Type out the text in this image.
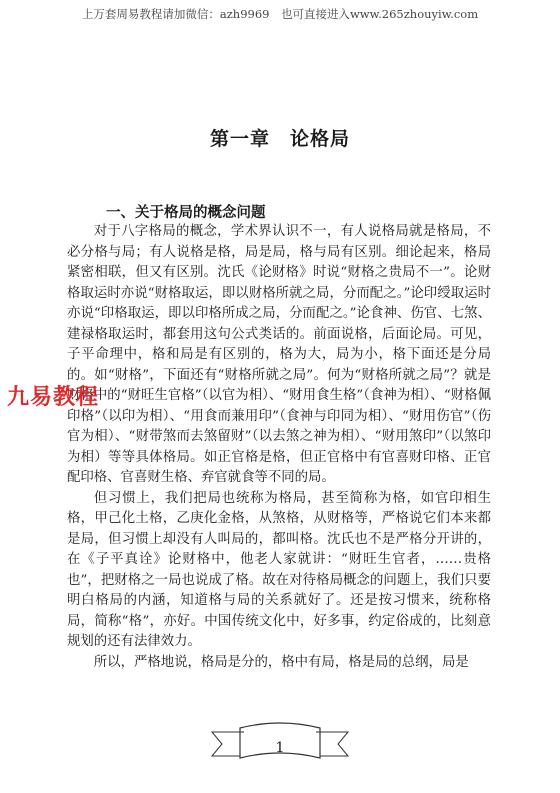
上万套周易教程请加微信：azh9969　也可直接进入www.265zhouyiw.com
第一章　论格局
一、关于格局的概念问题

对于八字格局的概念，学术界认识不一，有人说格局就是格局，不必分格与局；有人说格是格，局是局，格与局有区别。细论起来，格局紧密相联，但又有区别。沈氏《论财格》时说“财格之贵局不一”。论财格取运时亦说“财格取运，即以财格所就之局，分而配之。”论印绶取运时亦说“印格取运，即以印格所成之局，分而配之。”论食神、伤官、七煞、建禄格取运时，都套用这句公式类话的。前面说格，后面论局。可见，子平命理中，格和局是有区别的，格为大，局为小，格下面还是分局的。如“财格”，下面还有“财格所就之局”。何为“财格所就之局”？就是财格中的“财旺生官格”（以官为相）、“财用食生格”（食神为相）、“财格佩印格”（以印为相）、“用食而兼用印”（食神与印同为相）、“财用伤官”（伤官为相）、“财带煞而去煞留财”（以去煞之神为相）、“财用煞印”（以煞印为相）等等具体格局。如正官格是格，但正官格中有官喜财印格、正官配印格、官喜财生格、弃官就食等不同的局。

但习惯上，我们把局也统称为格局，甚至简称为格，如官印相生格，甲己化土格，乙庚化金格，从煞格，从财格等，严格说它们本来都是局，但习惯上却没有人叫局的，都叫格。沈氏也不是严格分开讲的，在《子平真诠》论财格中，他老人家就讲：“财旺生官者，……贵格也”，把财格之一局也说成了格。故在对待格局概念的问题上，我们只要明白格局的内涵，知道格与局的关系就好了。还是按习惯来，统称格局，简称“格”，亦好。中国传统文化中，好多事，约定俗成的，比刻意规划的还有法律效力。

所以，严格地说，格局是分的，格中有局，格是局的总纲，局是

九易教程
1
